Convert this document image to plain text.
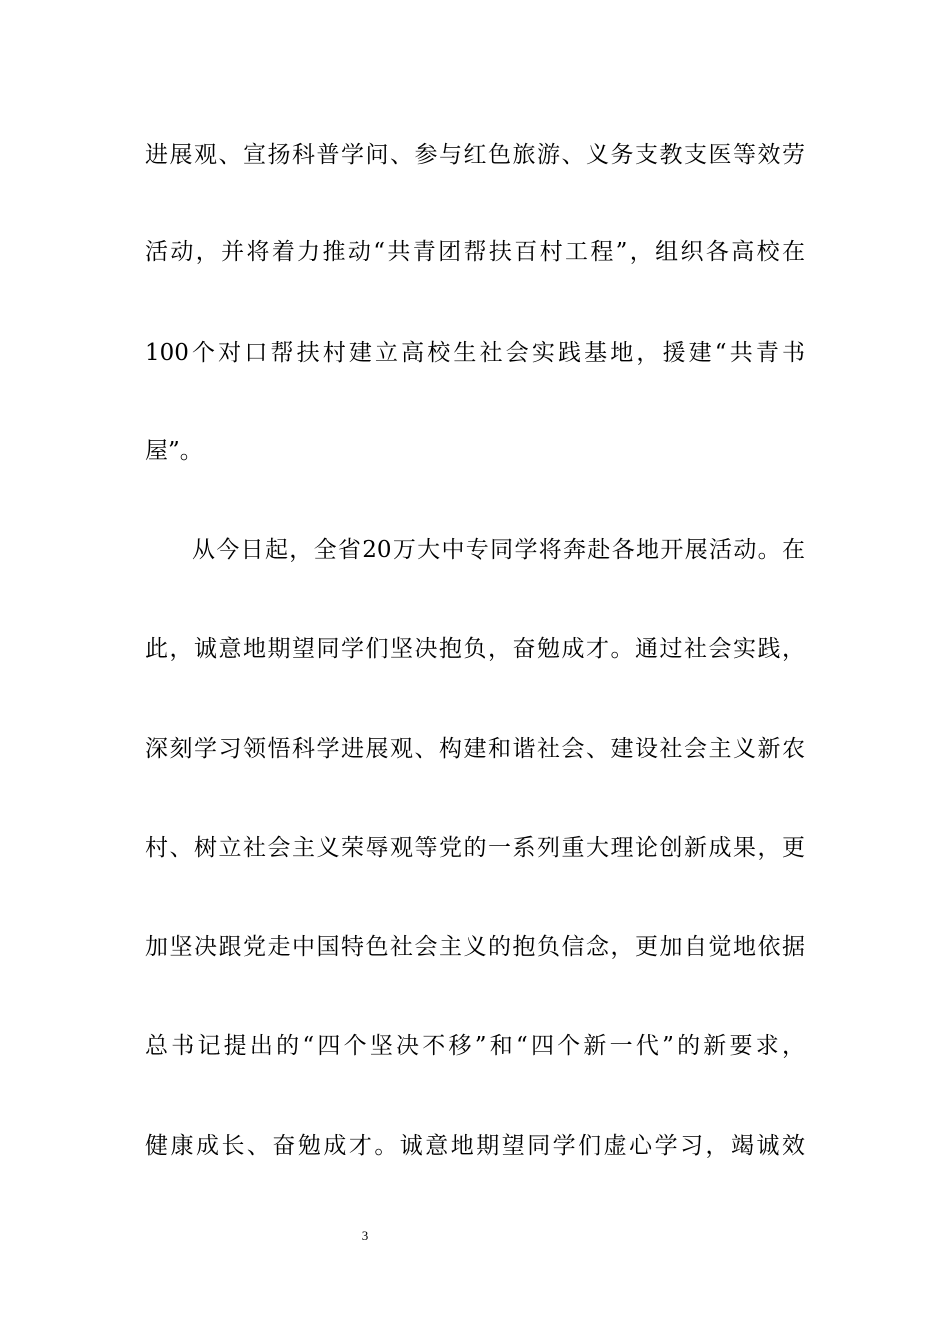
进展观、宣扬科普学问、参与红色旅游、义务支教支医等效劳
活动，并将着力推动“共青团帮扶百村工程”，组织各高校在
100个对口帮扶村建立高校生社会实践基地，援建“共青书
屋”。
从今日起，全省20万大中专同学将奔赴各地开展活动。在
此，诚意地期望同学们坚决抱负，奋勉成才。通过社会实践，
深刻学习领悟科学进展观、构建和谐社会、建设社会主义新农
村、树立社会主义荣辱观等党的一系列重大理论创新成果，更
加坚决跟党走中国特色社会主义的抱负信念，更加自觉地依据
总书记提出的“四个坚决不移”和“四个新一代”的新要求，
健康成长、奋勉成才。诚意地期望同学们虚心学习，竭诚效
3
